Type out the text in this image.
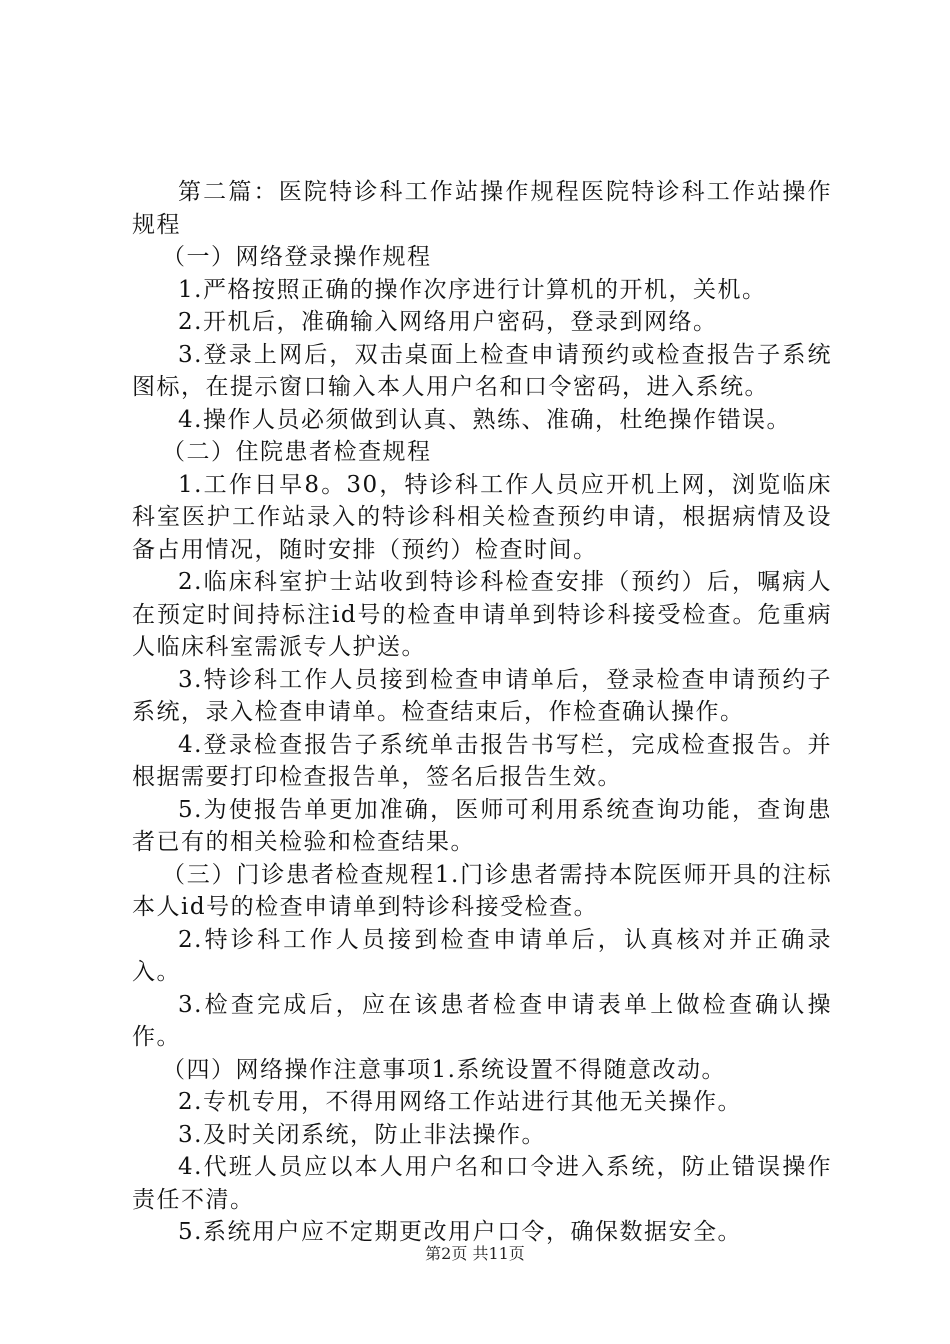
第二篇：医院特诊科工作站操作规程医院特诊科工作站操作规程

（一）网络登录操作规程

1.严格按照正确的操作次序进行计算机的开机，关机。

2.开机后，准确输入网络用户密码，登录到网络。

3.登录上网后，双击桌面上检查申请预约或检查报告子系统图标，在提示窗口输入本人用户名和口令密码，进入系统。

4.操作人员必须做到认真、熟练、准确，杜绝操作错误。

（二）住院患者检查规程

1.工作日早8。30，特诊科工作人员应开机上网，浏览临床科室医护工作站录入的特诊科相关检查预约申请，根据病情及设备占用情况，随时安排（预约）检查时间。

2.临床科室护士站收到特诊科检查安排（预约）后，嘱病人在预定时间持标注id号的检查申请单到特诊科接受检查。危重病人临床科室需派专人护送。

3.特诊科工作人员接到检查申请单后，登录检查申请预约子系统，录入检查申请单。检查结束后，作检查确认操作。

4.登录检查报告子系统单击报告书写栏，完成检查报告。并根据需要打印检查报告单，签名后报告生效。

5.为使报告单更加准确，医师可利用系统查询功能，查询患者已有的相关检验和检查结果。

（三）门诊患者检查规程1.门诊患者需持本院医师开具的注标本人id号的检查申请单到特诊科接受检查。

2.特诊科工作人员接到检查申请单后，认真核对并正确录入。

3.检查完成后，应在该患者检查申请表单上做检查确认操作。

（四）网络操作注意事项1.系统设置不得随意改动。

2.专机专用，不得用网络工作站进行其他无关操作。

3.及时关闭系统，防止非法操作。

4.代班人员应以本人用户名和口令进入系统，防止错误操作责任不清。

5.系统用户应不定期更改用户口令，确保数据安全。

第2页 共11页
